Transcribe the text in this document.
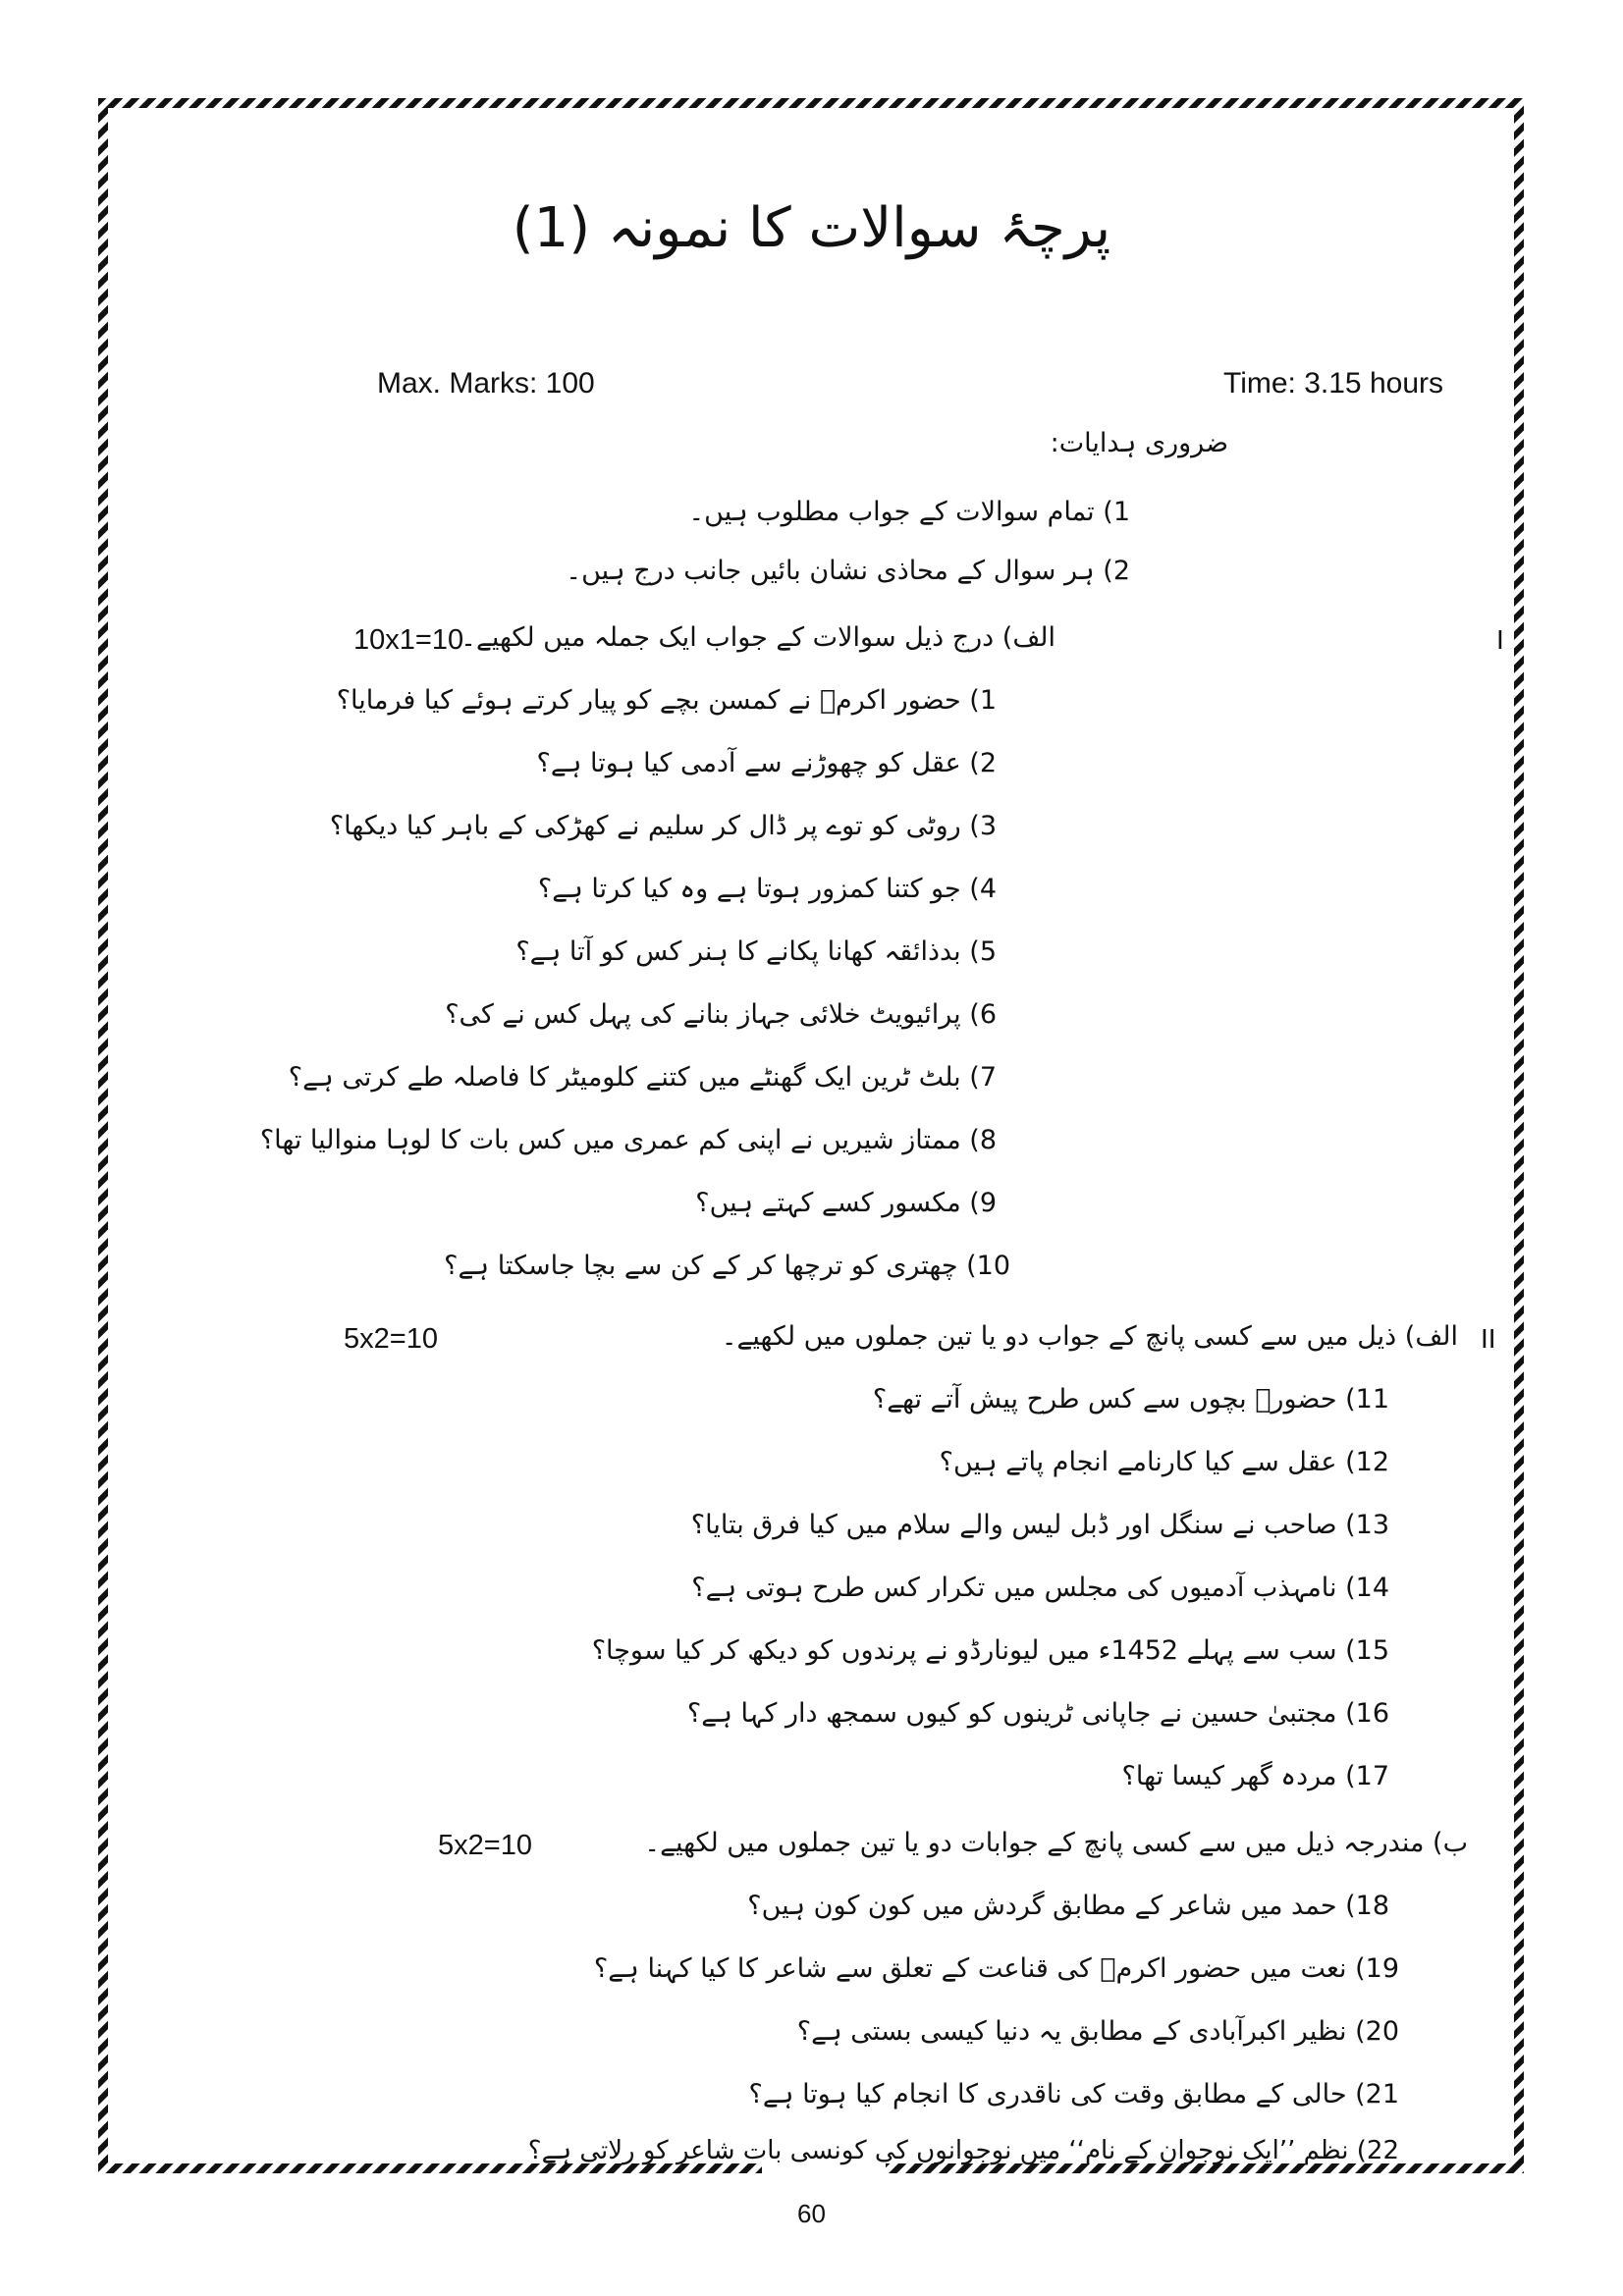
پرچۂ سوالات کا نمونہ (1)
Max. Marks: 100	Time: 3.15 hours
ضروری ہدایات:
1) تمام سوالات کے جواب مطلوب ہیں۔
2) ہر سوال کے محاذی نشان بائیں جانب درج ہیں۔
I
الف) درج ذیل سوالات کے جواب ایک جملہ میں لکھیے۔
10x1=10
1) حضور اکرمؐ نے کمسن بچے کو پیار کرتے ہوئے کیا فرمایا؟
2) عقل کو چھوڑنے سے آدمی کیا ہوتا ہے؟
3) روٹی کو توے پر ڈال کر سلیم نے کھڑکی کے باہر کیا دیکھا؟
4) جو کتنا کمزور ہوتا ہے وہ کیا کرتا ہے؟
5) بدذائقہ کھانا پکانے کا ہنر کس کو آتا ہے؟
6) پرائیویٹ خلائی جہاز بنانے کی پہل کس نے کی؟
7) بلٹ ٹرین ایک گھنٹے میں کتنے کلومیٹر کا فاصلہ طے کرتی ہے؟
8) ممتاز شیریں نے اپنی کم عمری میں کس بات کا لوہا منوالیا تھا؟
9) مکسور کسے کہتے ہیں؟
10) چھتری کو ترچھا کر کے کن سے بچا جاسکتا ہے؟
II
الف) ذیل میں سے کسی پانچ کے جواب دو یا تین جملوں میں لکھیے۔
5x2=10
11) حضورؐ بچوں سے کس طرح پیش آتے تھے؟
12) عقل سے کیا کارنامے انجام پاتے ہیں؟
13) صاحب نے سنگل اور ڈبل لیس والے سلام میں کیا فرق بتایا؟
14) نامہذب آدمیوں کی مجلس میں تکرار کس طرح ہوتی ہے؟
15) سب سے پہلے 1452ء میں لیونارڈو نے پرندوں کو دیکھ کر کیا سوچا؟
16) مجتبیٰ حسین نے جاپانی ٹرینوں کو کیوں سمجھ دار کہا ہے؟
17) مردہ گھر کیسا تھا؟
ب) مندرجہ ذیل میں سے کسی پانچ کے جوابات دو یا تین جملوں میں لکھیے۔
5x2=10
18) حمد میں شاعر کے مطابق گردش میں کون کون ہیں؟
19) نعت میں حضور اکرمؐ کی قناعت کے تعلق سے شاعر کا کیا کہنا ہے؟
20) نظیر اکبرآبادی کے مطابق یہ دنیا کیسی بستی ہے؟
21) حالی کے مطابق وقت کی ناقدری کا انجام کیا ہوتا ہے؟
22) نظم ’’ایک نوجوان کے نام‘‘ میں نوجوانوں کی کونسی بات شاعر کو رلاتی ہے؟
60
